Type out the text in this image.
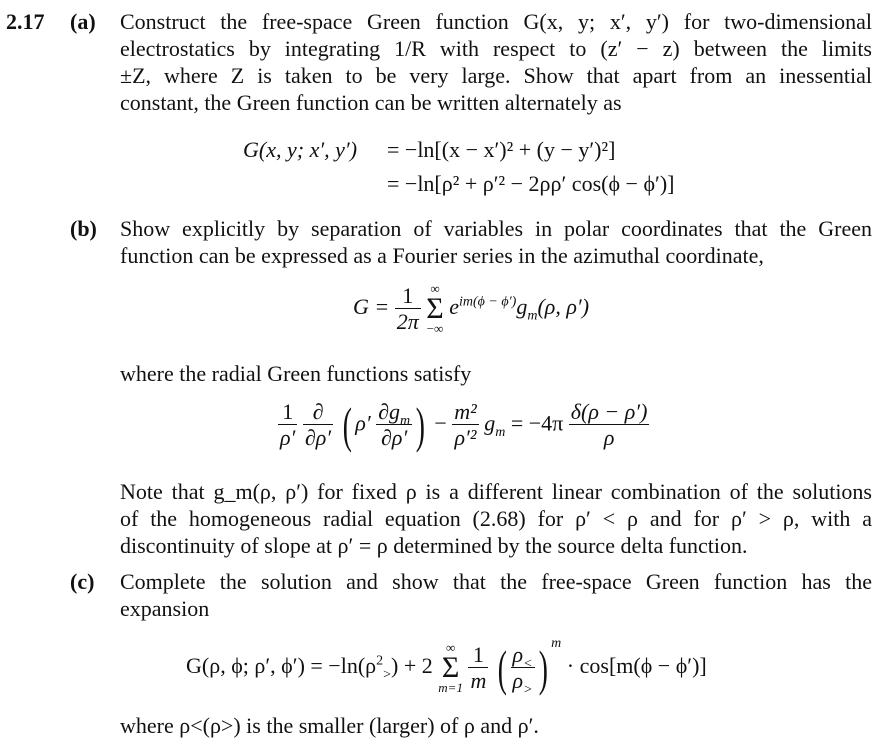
2.17 (a) Construct the free-space Green function G(x, y; x′, y′) for two-dimensional
electrostatics by integrating 1/R with respect to (z′ − z) between the limits
±Z, where Z is taken to be very large. Show that apart from an inessential
constant, the Green function can be written alternately as
G(x, y; x′, y′) = −ln[(x − x′)² + (y − y′)²]
= −ln[ρ² + ρ′² − 2ρρ′ cos(ϕ − ϕ′)]
(b) Show explicitly by separation of variables in polar coordinates that the Green
function can be expressed as a Fourier series in the azimuthal coordinate,
$G = \frac{1}{2\pi}$
∞
Σ
−∞
$e^{im(\phi - \phi')}g_m(\rho$, ρ′)
where the radial Green functions satisfy
$\frac{1}{\rho'}$
$\frac{\partial}{\partial\rho'}$ ( $\rho' \frac{\partial g_m}{\partial\rho'}$ ) − $\frac{\text{m²}}{\text{ρ′²}} g_m = -4\pi \frac{\delta(\rho - \rho')}{\rho}$
Note that g_m(ρ, ρ′) for fixed ρ is a different linear combination of the solutions
of the homogeneous radial equation (2.68) for ρ′ < ρ and for ρ′ > ρ, with a
discontinuity of slope at ρ′ = ρ determined by the source delta function.
(c) Complete the solution and show that the free-space Green function has the
expansion
G(ρ, ϕ; ρ′, $\phi') = -\ln(\rho^2_>) + 2$
∞
Σ
m=1
$\frac{1}{m}$ ( $\frac{\rho_<}{\rho_>}$ ) $^m$ · cos[m(ϕ − ϕ′)]
where ρ<(ρ>) is the smaller (larger) of ρ and ρ′.
